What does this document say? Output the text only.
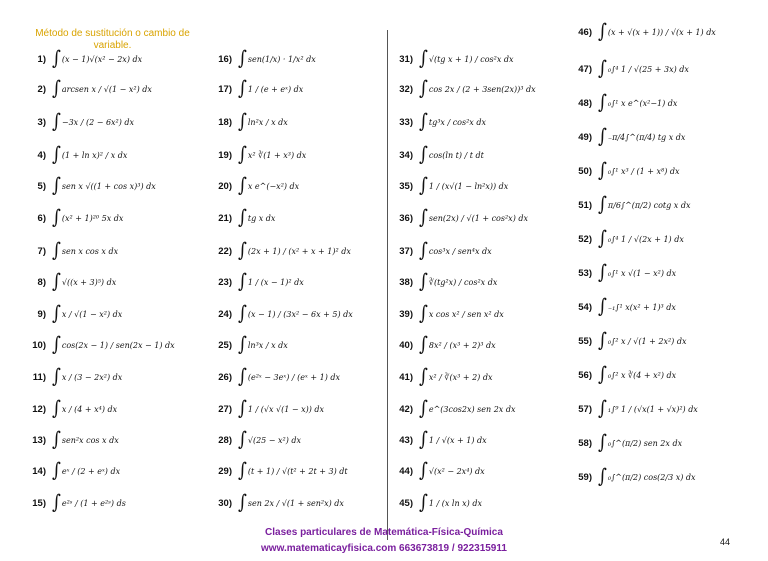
Método de sustitución o cambio de variable.
1) ∫ (x − 1)√(x² − 2x) dx
2) ∫ arcsen x / √(1 − x²) dx
3) ∫ −3x / (2 − 6x²) dx
4) ∫ (1 + ln x)² / x dx
5) ∫ sen x √((1 + cos x)³) dx
6) ∫ (x² + 1)²⁰ 5x dx
7) ∫ sen x cos x dx
8) ∫ √((x + 3)⁵) dx
9) ∫ x / √(1 − x²) dx
10) ∫ cos(2x − 1) / sen(2x − 1) dx
11) ∫ x / (3 − 2x²) dx
12) ∫ x / (4 + x⁴) dx
13) ∫ sen²x cos x dx
14) ∫ eˣ / (2 + eˣ) dx
15) ∫ e²ˢ / (1 + e²ˢ) ds
16) ∫ sen(1/x) · 1/x² dx
17) ∫ 1 / (e + eˣ) dx
18) ∫ ln²x / x dx
19) ∫ x² ∛(1 + x³) dx
20) ∫ x e^(−x²) dx
21) ∫ tg x dx
22) ∫ (2x + 1) / (x² + x + 1)² dx
23) ∫ 1 / (x − 1)² dx
24) ∫ (x − 1) / (3x² − 6x + 5) dx
25) ∫ ln³x / x dx
26) ∫ (e²ˣ − 3eˣ) / (eˣ + 1) dx
27) ∫ 1 / (√x √(1 − x)) dx
28) ∫ √(25 − x²) dx
29) ∫ (t + 1) / √(t² + 2t + 3) dt
30) ∫ sen 2x / √(1 + sen²x) dx
31) ∫ √(tg x + 1) / cos²x dx
32) ∫ cos 2x / (2 + 3sen(2x))³ dx
33) ∫ tg³x / cos²x dx
34) ∫ cos(ln t) / t dt
35) ∫ 1 / (x√(1 − ln²x)) dx
36) ∫ sen(2x) / √(1 + cos²x) dx
37) ∫ cos³x / sen⁴x dx
38) ∫ ∛(tg²x) / cos²x dx
39) ∫ x cos x² / sen x² dx
40) ∫ 8x² / (x³ + 2)³ dx
41) ∫ x² / ∛(x³ + 2) dx
42) ∫ e^(3cos2x) sen 2x dx
43) ∫ 1 / √(x + 1) dx
44) ∫ √(x² − 2x⁴) dx
45) ∫ 1 / (x ln x) dx
46) ∫ (x + √(x + 1)) / √(x + 1) dx
47) ∫ ₀∫⁴ 1 / √(25 + 3x) dx
48) ∫ ₀∫¹ x e^(x²−1) dx
49) ∫ ₋π/4∫^(π/4) tg x dx
50) ∫ ₀∫¹ x³ / (1 + x⁸) dx
51) ∫ π/6∫^(π/2) cotg x dx
52) ∫ ₀∫⁴ 1 / √(2x + 1) dx
53) ∫ ₀∫¹ x √(1 − x²) dx
54) ∫ ₋₁∫¹ x(x² + 1)³ dx
55) ∫ ₀∫² x / √(1 + 2x²) dx
56) ∫ ₀∫² x ∛(4 + x²) dx
57) ∫ ₁∫⁹ 1 / (√x(1 + √x)²) dx
58) ∫ ₀∫^(π/2) sen 2x dx
59) ∫ ₀∫^(π/2) cos(2/3 x) dx
Clases particulares de Matemática-Física-Química
www.matematicayfisica.com 663673819 / 922315911
44
